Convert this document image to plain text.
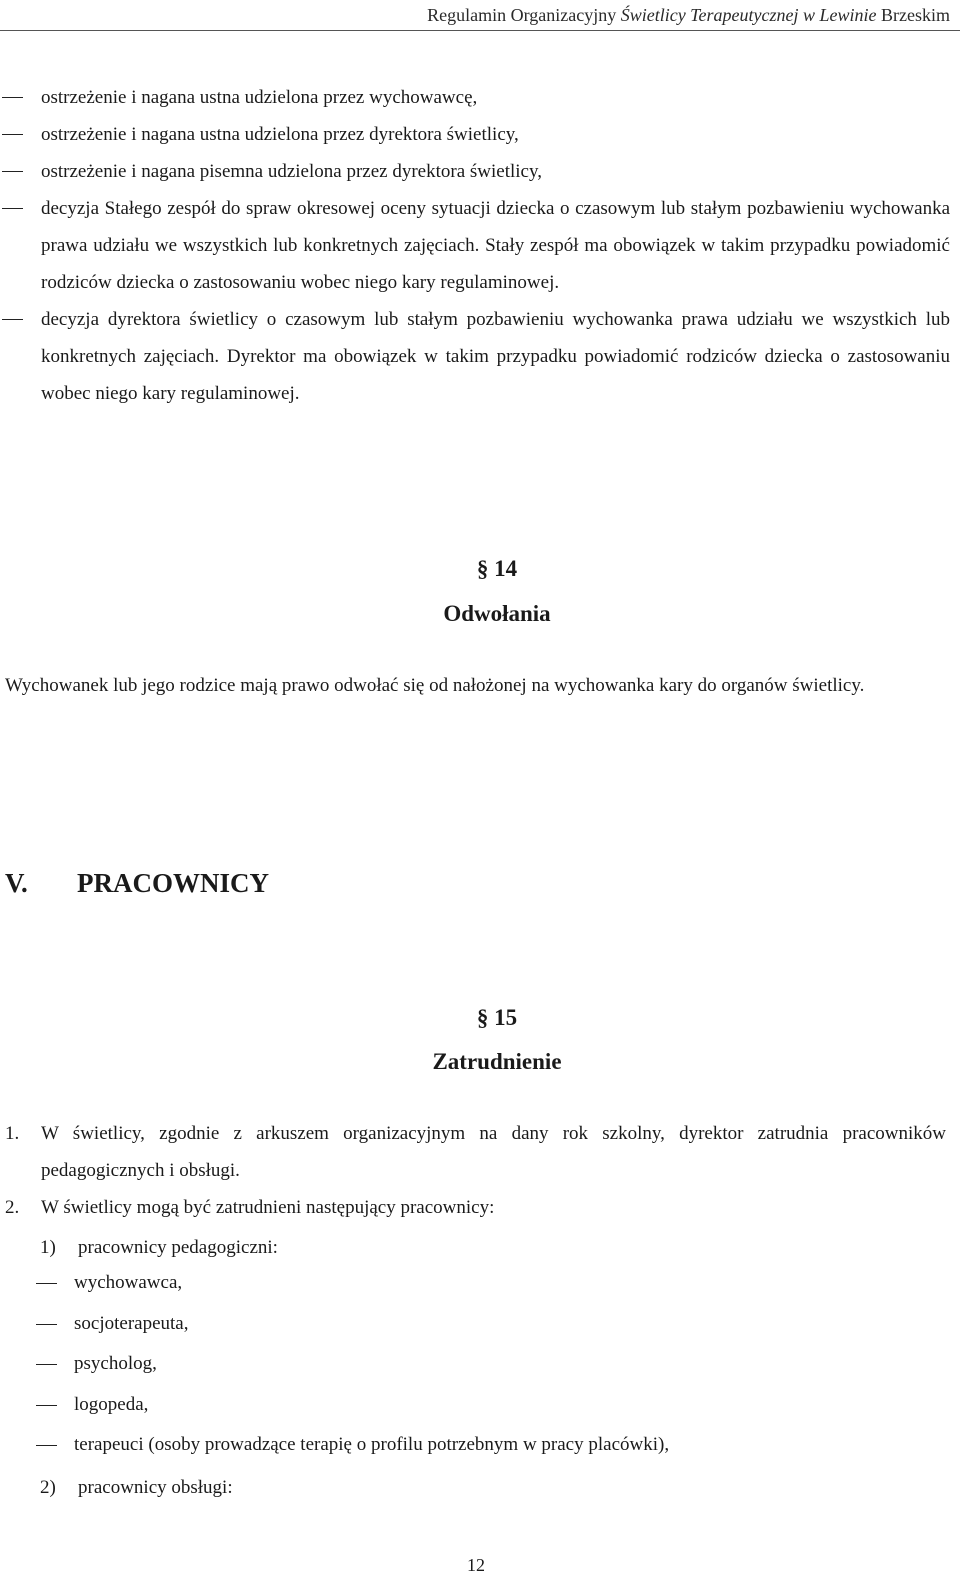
Regulamin Organizacyjny Świetlicy Terapeutycznej w Lewinie Brzeskim
ostrzeżenie i nagana ustna udzielona przez wychowawcę,
ostrzeżenie i nagana ustna udzielona przez dyrektora świetlicy,
ostrzeżenie i nagana pisemna udzielona przez dyrektora świetlicy,
decyzja Stałego zespół do spraw okresowej oceny sytuacji dziecka o czasowym lub stałym pozbawieniu wychowanka prawa udziału we wszystkich lub konkretnych zajęciach. Stały zespół ma obowiązek w takim przypadku powiadomić rodziców dziecka o zastosowaniu wobec niego kary regulaminowej.
decyzja dyrektora świetlicy o czasowym lub stałym pozbawieniu wychowanka prawa udziału we wszystkich lub konkretnych zajęciach. Dyrektor ma obowiązek w takim przypadku powiadomić rodziców dziecka o zastosowaniu wobec niego kary regulaminowej.
§ 14
Odwołania
Wychowanek lub jego rodzice mają prawo odwołać się od nałożonej na wychowanka kary do organów świetlicy.
V. PRACOWNICY
§ 15
Zatrudnienie
1. W świetlicy, zgodnie z arkuszem organizacyjnym na dany rok szkolny, dyrektor zatrudnia pracowników pedagogicznych i obsługi.
2. W świetlicy mogą być zatrudnieni następujący pracownicy:
1) pracownicy pedagogiczni:
wychowawca,
socjoterapeuta,
psycholog,
logopeda,
terapeuci (osoby prowadzące terapię o profilu potrzebnym w pracy placówki),
2) pracownicy obsługi:
12
